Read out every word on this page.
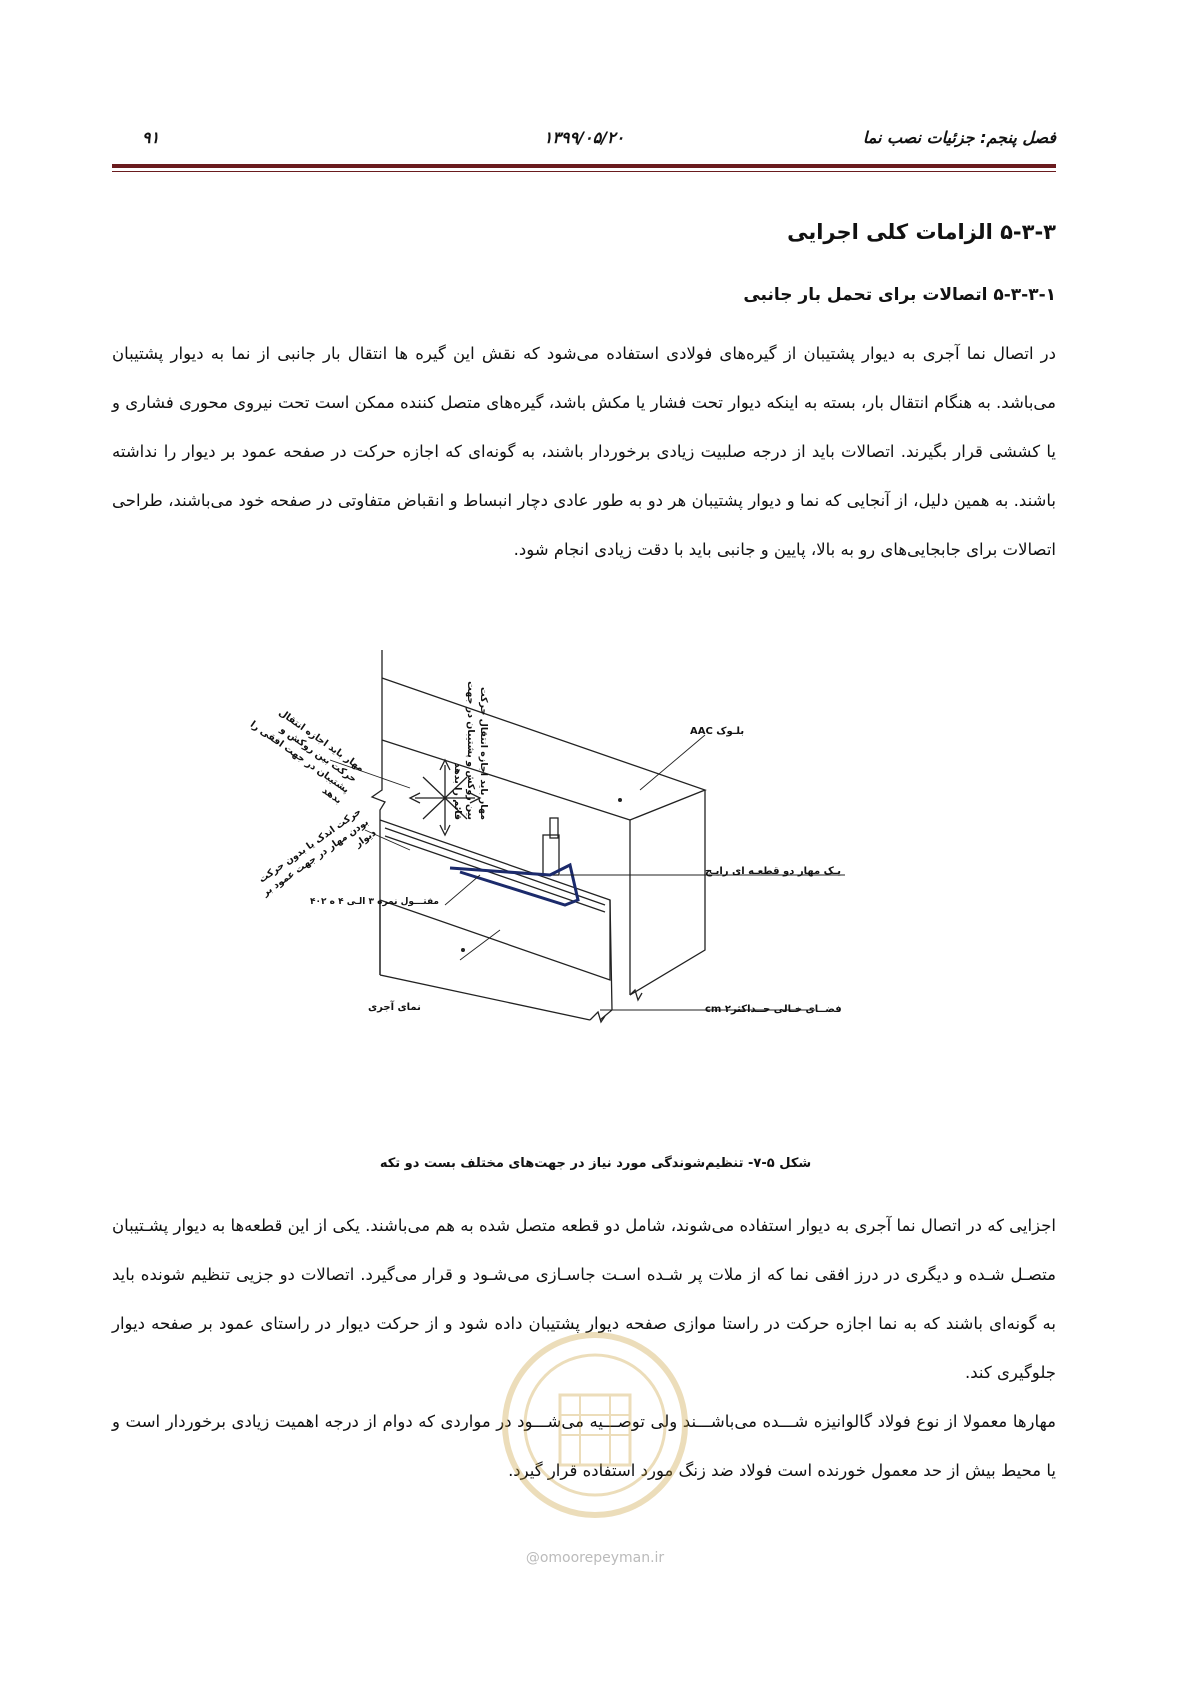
فصل پنجم: جزئیات نصب نما
۱۳۹۹/۰۵/۲۰
۹۱
۵-۳-۳ الزامات کلی اجرایی
۵-۳-۳-۱ اتصالات برای تحمل بار جانبی
در اتصال نما آجری به دیوار پشتیبان از گیره‌های فولادی استفاده می‌شود که نقش این گیره ها انتقال بار جانبی از نما به دیوار پشتیبان می‌باشد. به هنگام انتقال بار، بسته به اینکه دیوار تحت فشار یا مکش باشد، گیره‌های متصل کننده ممکن است تحت نیروی محوری فشاری و یا کششی قرار بگیرند. اتصالات باید از درجه صلبیت زیادی برخوردار باشند، به گونه‌ای که اجازه حرکت در صفحه عمود بر دیوار را نداشته باشند. به همین دلیل، از آنجایی که نما و دیوار پشتیبان هر دو به طور عادی دچار انبساط و انقباض متفاوتی در صفحه خود می‌باشند، طراحی اتصالات برای جابجایی‌های رو به بالا، پایین و جانبی باید با دقت زیادی انجام شود.
بلـوک AAC
یـک مهار دو قطعـه ای رایـج
مفتـــول نمره ۳ الـی ۴ ه ۴۰۲
نمای آجری	فضــای خـالی حــداکثر۲ cm
مهار باید اجازه انتقال حرکت بین روکش و پشتیبان در جهت قائم را بدهد
مهار باید اجازه انتقال حرکت بین روکش و پشتیبان در جهت افقی را بدهد
حرکت اندک یا بدون حرکت بودن مهار در جهت عمود بر دیوار
شکل ۵-۷- تنظیم‌شوندگی مورد نیاز در جهت‌های مختلف بست دو تکه
اجزایی که در اتصال نما آجری به دیوار استفاده می‌شوند، شامل دو قطعه متصل شده به هم می‌باشند. یکی از این قطعه‌ها به دیوار پشـتیبان متصـل شـده و دیگری در درز افقی نما که از ملات پر شـده اسـت جاسـازی می‌شـود و قرار می‌گیرد. اتصالات دو جزیی تنظیم شونده باید به گونه‌ای باشند که به نما اجازه حرکت در راستا موازی صفحه دیوار پشتیبان داده شود و از حرکت دیوار در راستای عمود بر صفحه دیوار جلوگیری کند.
مهارها معمولا از نوع فولاد گالوانیزه شـــده می‌باشـــند ولی توصـــیه می‌شـــود در مواردی که دوام از درجه اهمیت زیادی برخوردار است و یا محیط بیش از حد معمول خورنده است فولاد ضد زنگ مورد استفاده قرار گیرد.
@omoorepeyman.ir
